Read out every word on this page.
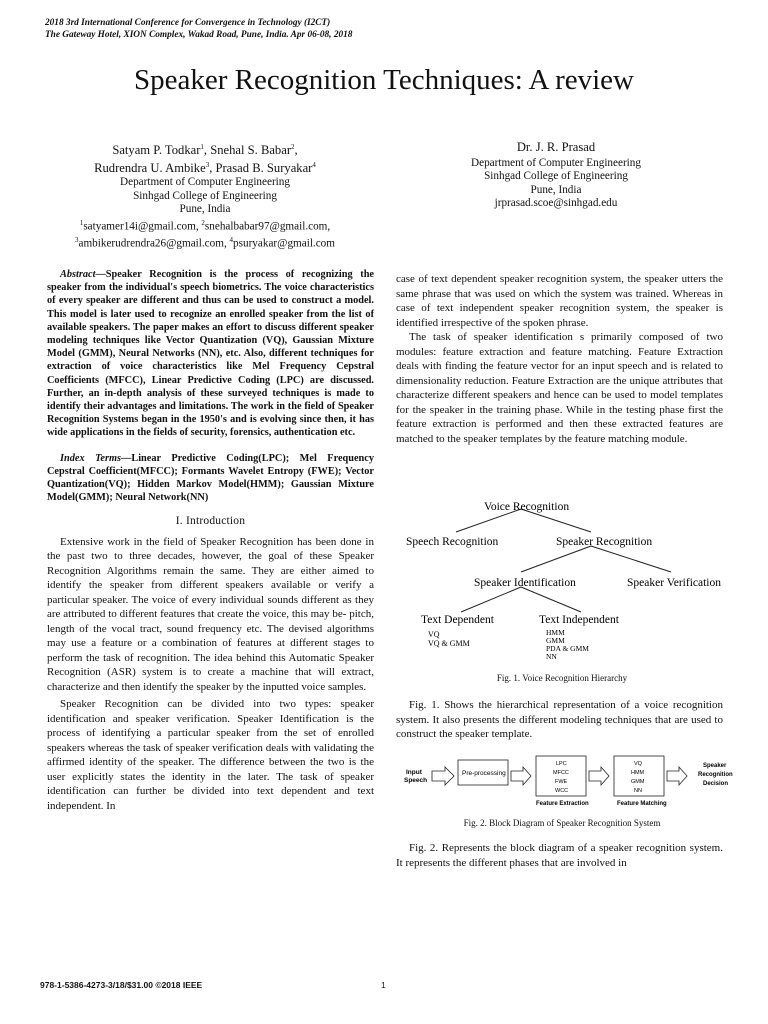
2018 3rd International Conference for Convergence in Technology (I2CT)
The Gateway Hotel, XION Complex, Wakad Road, Pune, India. Apr 06-08, 2018
Speaker Recognition Techniques: A review
Satyam P. Todkar$^1$, Snehal S. Babar$^2$,
Rudrendra U. Ambike$^3$, Prasad B. Suryakar$^4$
Department of Computer Engineering
Sinhgad College of Engineering
Pune, India
$^1$satyamer14i@gmail.com, $^2$snehalbabar97@gmail.com,
$^3$ambikerudrendra26@gmail.com, $^4$psuryakar@gmail.com
Dr. J. R. Prasad
Department of Computer Engineering
Sinhgad College of Engineering
Pune, India
jrprasad.scoe@sinhgad.edu

Abstract—Speaker Recognition is the process of recognizing the speaker from the individual's speech biometrics. The voice characteristics of every speaker are different and thus can be used to construct a model. This model is later used to recognize an enrolled speaker from the list of available speakers. The paper makes an effort to discuss different speaker modeling techniques like Vector Quantization (VQ), Gaussian Mixture Model (GMM), Neural Networks (NN), etc. Also, different techniques for extraction of voice characteristics like Mel Frequency Cepstral Coefficients (MFCC), Linear Predictive Coding (LPC) are discussed. Further, an in-depth analysis of these surveyed techniques is made to identify their advantages and limitations. The work in the field of Speaker Recognition Systems began in the 1950's and is evolving since then, it has wide applications in the fields of security, forensics, authentication etc.

Index Terms—Linear Predictive Coding(LPC); Mel Frequency Cepstral Coefficient(MFCC); Formants Wavelet Entropy (FWE); Vector Quantization(VQ); Hidden Markov Model(HMM); Gaussian Mixture Model(GMM); Neural Network(NN)

I. Introduction

Extensive work in the field of Speaker Recognition has been done in the past two to three decades, however, the goal of these Speaker Recognition Algorithms remain the same. They are either aimed to identify the speaker from different speakers available or verify a particular speaker. The voice of every individual sounds different as they are attributed to different features that create the voice, this may be- pitch, length of the vocal tract, sound frequency etc. The devised algorithms may use a feature or a combination of features at different stages to perform the task of recognition. The idea behind this Automatic Speaker Recognition (ASR) system is to create a machine that will extract, characterize and then identify the speaker by the inputted voice samples.

Speaker Recognition can be divided into two types: speaker identification and speaker verification. Speaker Identification is the process of identifying a particular speaker from the set of enrolled speakers whereas the task of speaker verification deals with validating the affirmed identity of the speaker. The difference between the two is the user explicitly states the identity in the later. The task of speaker identification can further be divided into text dependent and text independent. In

case of text dependent speaker recognition system, the speaker utters the same phrase that was used on which the system was trained. Whereas in case of text independent speaker recognition system, the speaker is identified irrespective of the spoken phrase.

The task of speaker identification s primarily composed of two modules: feature extraction and feature matching. Feature Extraction deals with finding the feature vector for an input speech and is related to dimensionality reduction. Feature Extraction are the unique attributes that characterize different speakers and hence can be used to model templates for the speaker in the training phase. While in the testing phase first the feature extraction is performed and then these extracted features are matched to the speaker templates by the feature matching module.

Voice Recognition
Speech Recognition	Speaker Recognition
Speaker Identification	Speaker Verification
Text Dependent	Text Independent
VQ
VQ & GMM
HMM
GMM
PDA & GMM
NN
Fig. 1. Voice Recognition Hierarchy

Fig. 1. Shows the hierarchical representation of a voice recognition system. It also presents the different modeling techniques that are used to construct the speaker template.

Input
Speech
Pre-processing
LPC
MFCC
FWE
WCC
Feature Extraction
VQ
HMM
GMM
NN
Feature Matching
Speaker
Recognition
Decision
Fig. 2. Block Diagram of Speaker Recognition System

Fig. 2. Represents the block diagram of a speaker recognition system. It represents the different phases that are involved in

978-1-5386-4273-3/18/$31.00 ©2018 IEEE	1
